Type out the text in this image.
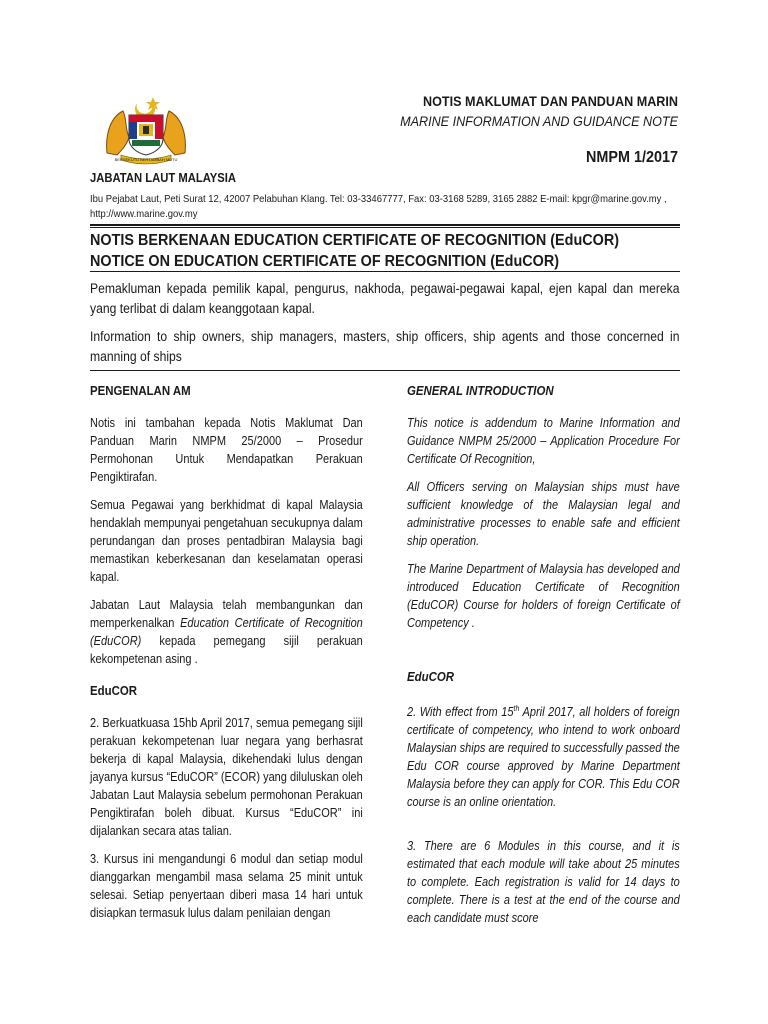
BERSEKUTU BERTAMBAH MUTU
NOTIS MAKLUMAT DAN PANDUAN MARIN
MARINE INFORMATION AND GUIDANCE NOTE
NMPM 1/2017
JABATAN LAUT MALAYSIA
Ibu Pejabat Laut, Peti Surat 12, 42007 Pelabuhan Klang. Tel: 03-33467777, Fax: 03-3168 5289, 3165 2882 E-mail: kpgr@marine.gov.my ,
http://www.marine.gov.my
NOTIS BERKENAAN EDUCATION CERTIFICATE OF RECOGNITION (EduCOR)
NOTICE ON EDUCATION CERTIFICATE OF RECOGNITION (EduCOR)
Pemakluman kepada pemilik kapal, pengurus, nakhoda, pegawai-pegawai kapal, ejen kapal dan mereka yang terlibat di dalam keanggotaan kapal.
Information to ship owners, ship managers, masters, ship officers, ship agents and those concerned in manning of ships
PENGENALAN AM

Notis ini tambahan kepada Notis Maklumat Dan Panduan Marin NMPM 25/2000 – Prosedur Permohonan Untuk Mendapatkan Perakuan Pengiktirafan.

Semua Pegawai yang berkhidmat di kapal Malaysia hendaklah mempunyai pengetahuan secukupnya dalam perundangan dan proses pentadbiran Malaysia bagi memastikan keberkesanan dan keselamatan operasi kapal.

Jabatan Laut Malaysia telah membangunkan dan memperkenalkan Education Certificate of Recognition (EduCOR) kepada pemegang sijil perakuan kekompetenan asing .

EduCOR

2. Berkuatkuasa 15hb April 2017, semua pemegang sijil perakuan kekompetenan luar negara yang berhasrat bekerja di kapal Malaysia, dikehendaki lulus dengan jayanya kursus “EduCOR” (ECOR) yang diluluskan oleh Jabatan Laut Malaysia sebelum permohonan Perakuan Pengiktirafan boleh dibuat. Kursus “EduCOR” ini dijalankan secara atas talian.

3. Kursus ini mengandungi 6 modul dan setiap modul dianggarkan mengambil masa selama 25 minit untuk selesai. Setiap penyertaan diberi masa 14 hari untuk disiapkan termasuk lulus dalam penilaian dengan

GENERAL INTRODUCTION

This notice is addendum to Marine Information and Guidance NMPM 25/2000 – Application Procedure For Certificate Of Recognition,

All Officers serving on Malaysian ships must have sufficient knowledge of the Malaysian legal and administrative processes to enable safe and efficient ship operation.

The Marine Department of Malaysia has developed and introduced Education Certificate of Recognition (EduCOR) Course for holders of foreign Certificate of Competency .

EduCOR

2. With effect from 15th April 2017, all holders of foreign certificate of competency, who intend to work onboard Malaysian ships are required to successfully passed the Edu COR course approved by Marine Department Malaysia before they can apply for COR. This Edu COR course is an online orientation.

3. There are 6 Modules in this course, and it is estimated that each module will take about 25 minutes to complete. Each registration is valid for 14 days to complete. There is a test at the end of the course and each candidate must score
